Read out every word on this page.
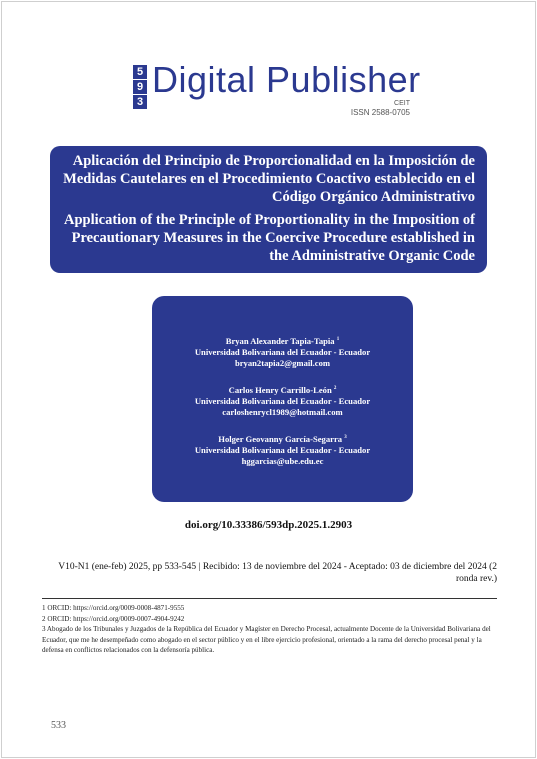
5
9
3
Digital Publisher
CEIT
ISSN 2588-0705

Aplicación del Principio de Proporcionalidad en la Imposición de Medidas Cautelares en el Procedimiento Coactivo establecido en el Código Orgánico Administrativo

Application of the Principle of Proportionality in the Imposition of Precautionary Measures in the Coercive Procedure established in the Administrative Organic Code

Bryan Alexander Tapia-Tapia $^1$
Universidad Bolivariana del Ecuador - Ecuador
bryan2tapia2@gmail.com
Carlos Henry Carrillo-León $^2$
Universidad Bolivariana del Ecuador - Ecuador
carloshenrycl1989@hotmail.com
Holger Geovanny García-Segarra $^3$
Universidad Bolivariana del Ecuador - Ecuador
hggarcias@ube.edu.ec
doi.org/10.33386/593dp.2025.1.2903
V10-N1 (ene-feb) 2025, pp 533-545 | Recibido: 13 de noviembre del 2024 - Aceptado: 03 de diciembre del 2024 (2 ronda rev.)
1 ORCID: https://orcid.org/0009-0008-4871-9555
2 ORCID: https://orcid.org/0009-0007-4904-9242
3 Abogado de los Tribunales y Juzgados de la República del Ecuador y Magíster en Derecho Procesal, actualmente Docente de la Universidad Bolivariana del Ecuador, que me he desempeñado como abogado en el sector público y en el libre ejercicio profesional, orientado a la rama del derecho procesal penal y la defensa en conflictos relacionados con la defensoría pública.
533
